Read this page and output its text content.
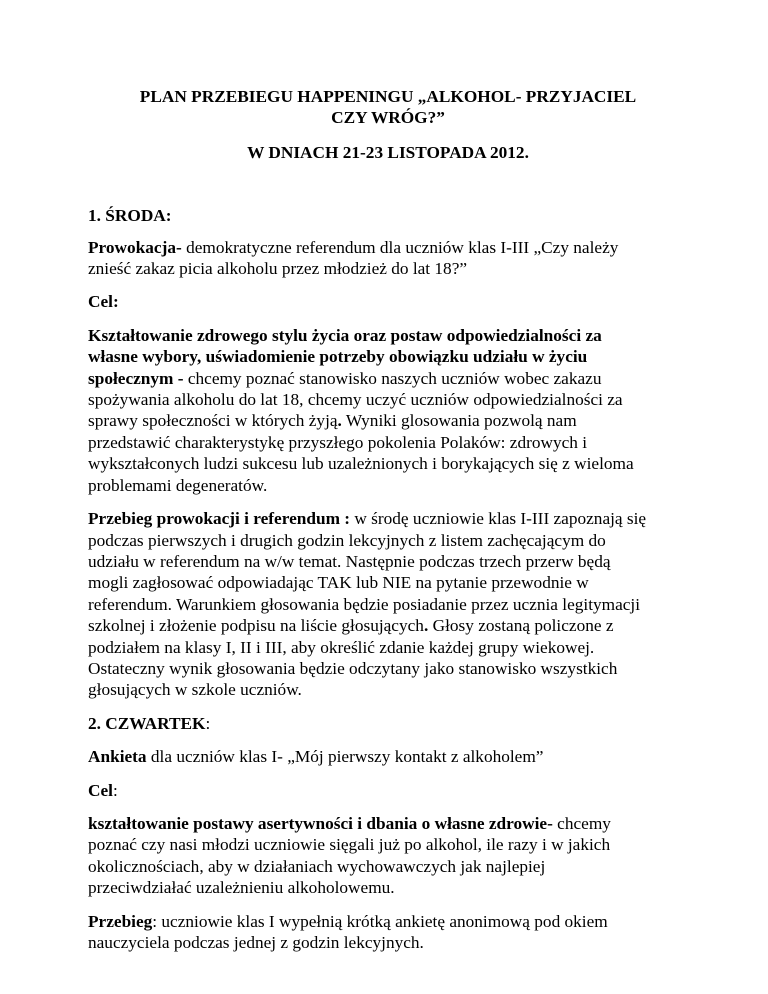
PLAN PRZEBIEGU HAPPENINGU „ALKOHOL- PRZYJACIEL
CZY WRÓG?”

W DNIACH 21-23 LISTOPADA 2012.

1. ŚRODA:

Prowokacja- demokratyczne referendum dla uczniów klas I-III „Czy należy
znieść zakaz picia alkoholu przez młodzież do lat 18?”

Cel:

Kształtowanie zdrowego stylu życia oraz postaw odpowiedzialności za
własne wybory, uświadomienie potrzeby obowiązku udziału w życiu
społecznym - chcemy poznać stanowisko naszych uczniów wobec zakazu
spożywania alkoholu do lat 18, chcemy uczyć uczniów odpowiedzialności za
sprawy społeczności w których żyją. Wyniki glosowania pozwolą nam
przedstawić charakterystykę przyszłego pokolenia Polaków: zdrowych i
wykształconych ludzi sukcesu lub uzależnionych i borykających się z wieloma
problemami degeneratów.

Przebieg prowokacji i referendum : w środę uczniowie klas I-III zapoznają się
podczas pierwszych i drugich godzin lekcyjnych z listem zachęcającym do
udziału w referendum na w/w temat. Następnie podczas trzech przerw będą
mogli zagłosować odpowiadając TAK lub NIE na pytanie przewodnie w
referendum. Warunkiem głosowania będzie posiadanie przez ucznia legitymacji
szkolnej i złożenie podpisu na liście głosujących. Głosy zostaną policzone z
podziałem na klasy I, II i III, aby określić zdanie każdej grupy wiekowej.
Ostateczny wynik głosowania będzie odczytany jako stanowisko wszystkich
głosujących w szkole uczniów.

2. CZWARTEK:

Ankieta dla uczniów klas I- „Mój pierwszy kontakt z alkoholem”

Cel:

kształtowanie postawy asertywności i dbania o własne zdrowie- chcemy
poznać czy nasi młodzi uczniowie sięgali już po alkohol, ile razy i w jakich
okolicznościach, aby w działaniach wychowawczych jak najlepiej
przeciwdziałać uzależnieniu alkoholowemu.

Przebieg: uczniowie klas I wypełnią krótką ankietę anonimową pod okiem
nauczyciela podczas jednej z godzin lekcyjnych.
